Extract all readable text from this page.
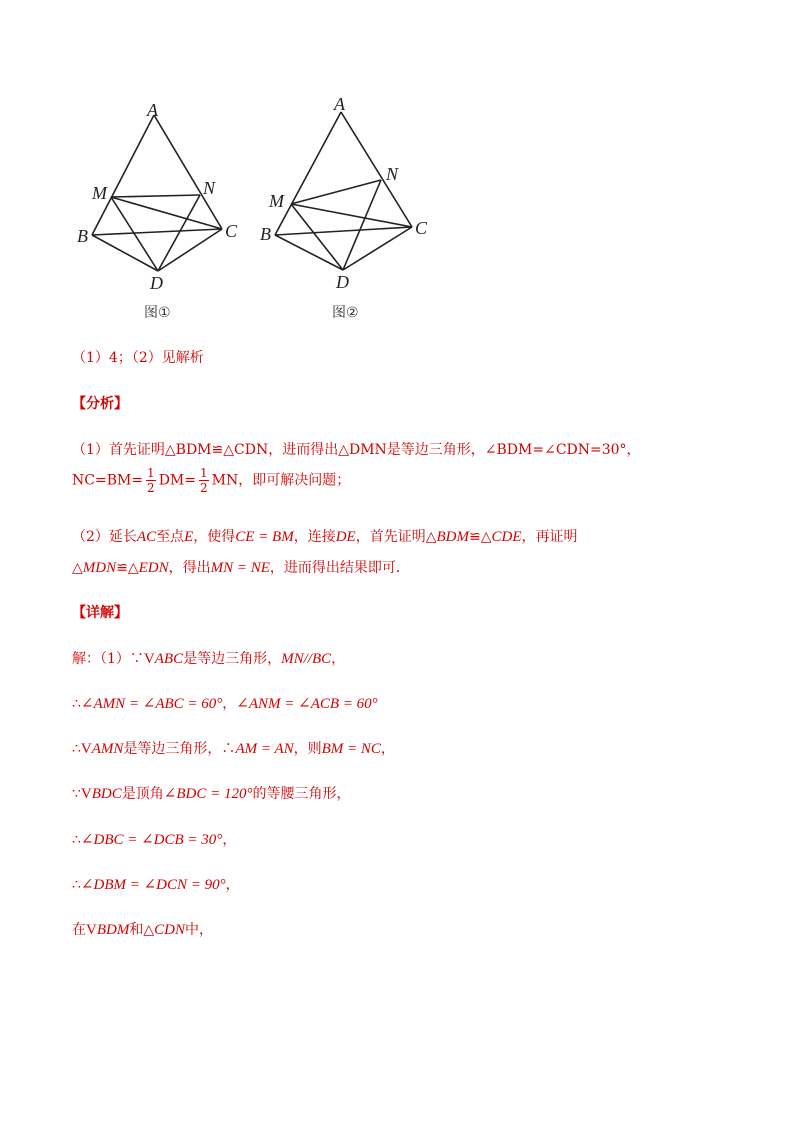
A
M	N
B	C
D
图①
A
M
N
B	C
D
图②
（1）4；（2）见解析
【分析】
（1）首先证明△BDM≌△CDN，进而得出△DMN是等边三角形，∠BDM=∠CDN=30°，
$NC=BM= \frac{1}{2} DM= \frac{1}{2}$ MN，即可解决问题；
（2）延长AC至点E，使得CE = BM，连接DE，首先证明△BDM≌△CDE，再证明
△MDN≌△EDN，得出MN = NE，进而得出结果即可．
【详解】
解：（1）∵VABC是等边三角形，MN//BC，
∴∠AMN = ∠ABC = 60°，∠ANM = ∠ACB = 60°
∴VAMN是等边三角形，∴AM = AN，则BM = NC，
∵VBDC是顶角∠BDC = 120°的等腰三角形，
∴∠DBC = ∠DCB = 30°，
∴∠DBM = ∠DCN = 90°，
在VBDM和△CDN中，
